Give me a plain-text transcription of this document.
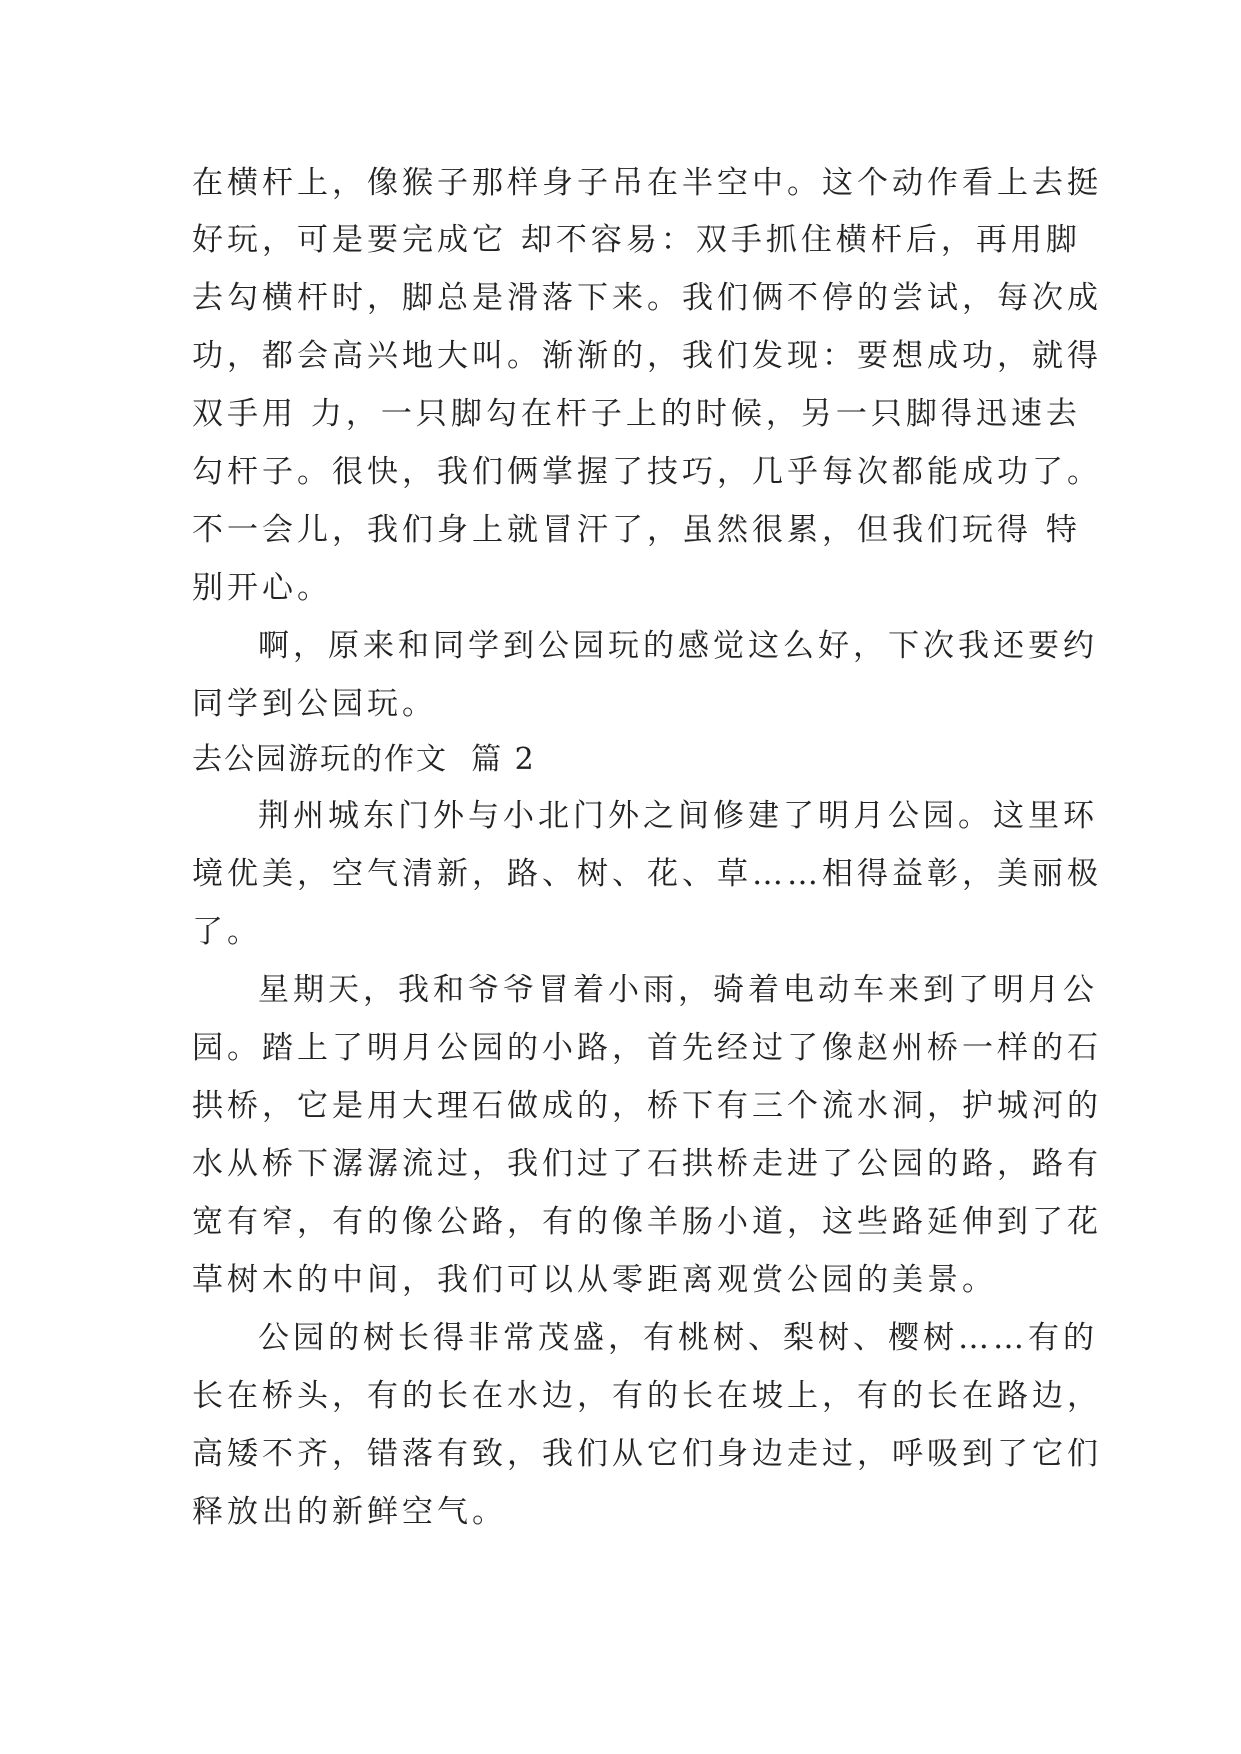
在横杆上，像猴子那样身子吊在半空中。这个动作看上去挺
好玩，可是要完成它 却不容易：双手抓住横杆后，再用脚
去勾横杆时，脚总是滑落下来。我们俩不停的尝试，每次成
功，都会高兴地大叫。渐渐的，我们发现：要想成功，就得
双手用 力，一只脚勾在杆子上的时候，另一只脚得迅速去
勾杆子。很快，我们俩掌握了技巧，几乎每次都能成功了。
不一会儿，我们身上就冒汗了，虽然很累，但我们玩得 特
别开心。
啊，原来和同学到公园玩的感觉这么好，下次我还要约
同学到公园玩。
去公园游玩的作文  篇 2
荆州城东门外与小北门外之间修建了明月公园。这里环
境优美，空气清新，路、树、花、草……相得益彰，美丽极
了。
星期天，我和爷爷冒着小雨，骑着电动车来到了明月公
园。踏上了明月公园的小路，首先经过了像赵州桥一样的石
拱桥，它是用大理石做成的，桥下有三个流水洞，护城河的
水从桥下潺潺流过，我们过了石拱桥走进了公园的路，路有
宽有窄，有的像公路，有的像羊肠小道，这些路延伸到了花
草树木的中间，我们可以从零距离观赏公园的美景。
公园的树长得非常茂盛，有桃树、梨树、樱树……有的
长在桥头，有的长在水边，有的长在坡上，有的长在路边，
高矮不齐，错落有致，我们从它们身边走过，呼吸到了它们
释放出的新鲜空气。
